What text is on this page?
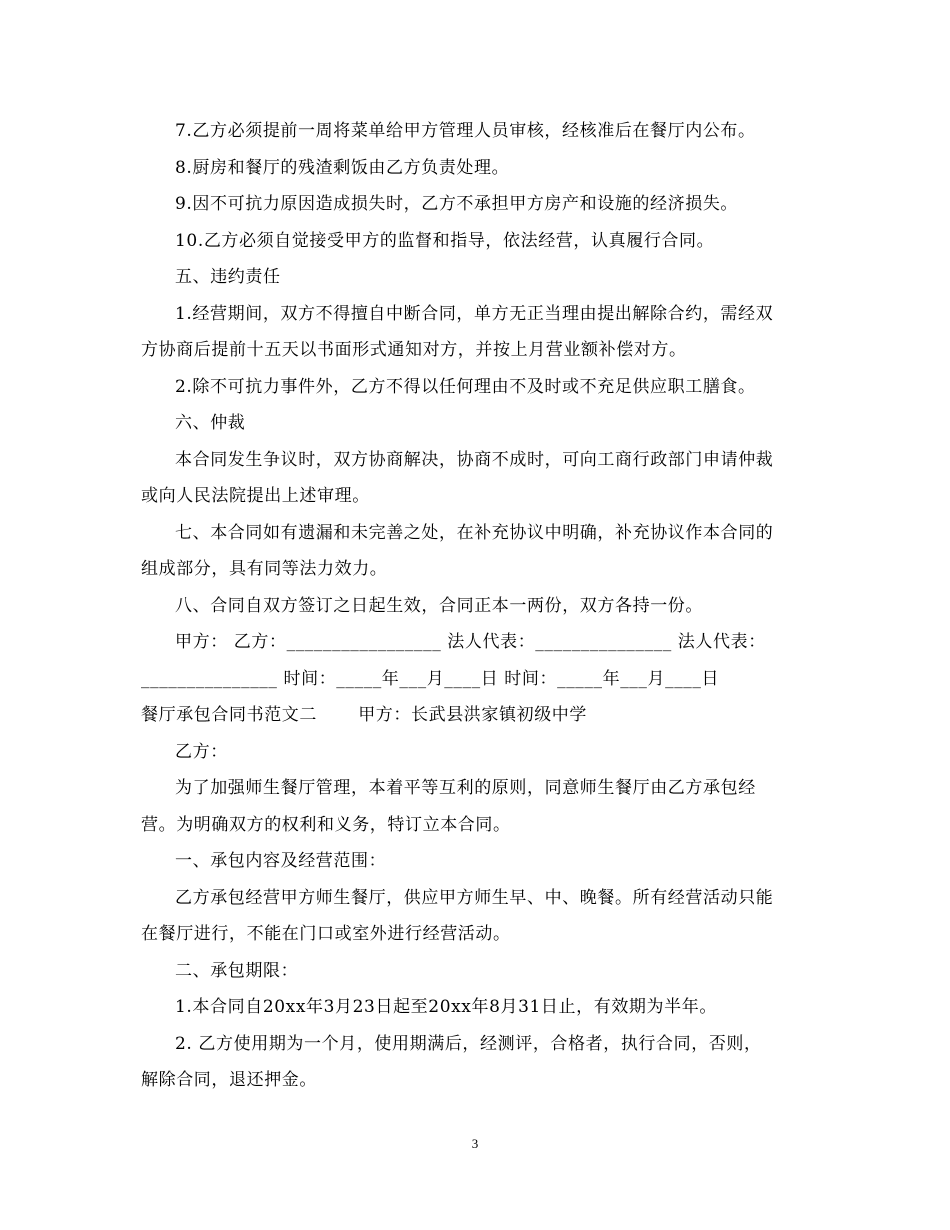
7.乙方必须提前一周将菜单给甲方管理人员审核，经核准后在餐厅内公布。
8.厨房和餐厅的残渣剩饭由乙方负责处理。
9.因不可抗力原因造成损失时，乙方不承担甲方房产和设施的经济损失。
10.乙方必须自觉接受甲方的监督和指导，依法经营，认真履行合同。
五、违约责任
1.经营期间，双方不得擅自中断合同，单方无正当理由提出解除合约，需经双
方协商后提前十五天以书面形式通知对方，并按上月营业额补偿对方。
2.除不可抗力事件外，乙方不得以任何理由不及时或不充足供应职工膳食。
六、仲裁
本合同发生争议时，双方协商解决，协商不成时，可向工商行政部门申请仲裁
或向人民法院提出上述审理。
七、本合同如有遗漏和未完善之处，在补充协议中明确，补充协议作本合同的
组成部分，具有同等法力效力。
八、合同自双方签订之日起生效，合同正本一两份，双方各持一份。
甲方： 乙方：_________________ 法人代表：_______________ 法人代表：
_______________ 时间：_____年___月____日 时间：_____年___月____日
餐厅承包合同书范文二　　 甲方：长武县洪家镇初级中学
乙方：
为了加强师生餐厅管理，本着平等互利的原则，同意师生餐厅由乙方承包经
营。为明确双方的权利和义务，特订立本合同。
一、承包内容及经营范围：
乙方承包经营甲方师生餐厅，供应甲方师生早、中、晚餐。所有经营活动只能
在餐厅进行，不能在门口或室外进行经营活动。
二、承包期限：
1.本合同自20xx年3月23日起至20xx年8月31日止，有效期为半年。
2. 乙方使用期为一个月，使用期满后，经测评，合格者，执行合同，否则，
解除合同，退还押金。
3
